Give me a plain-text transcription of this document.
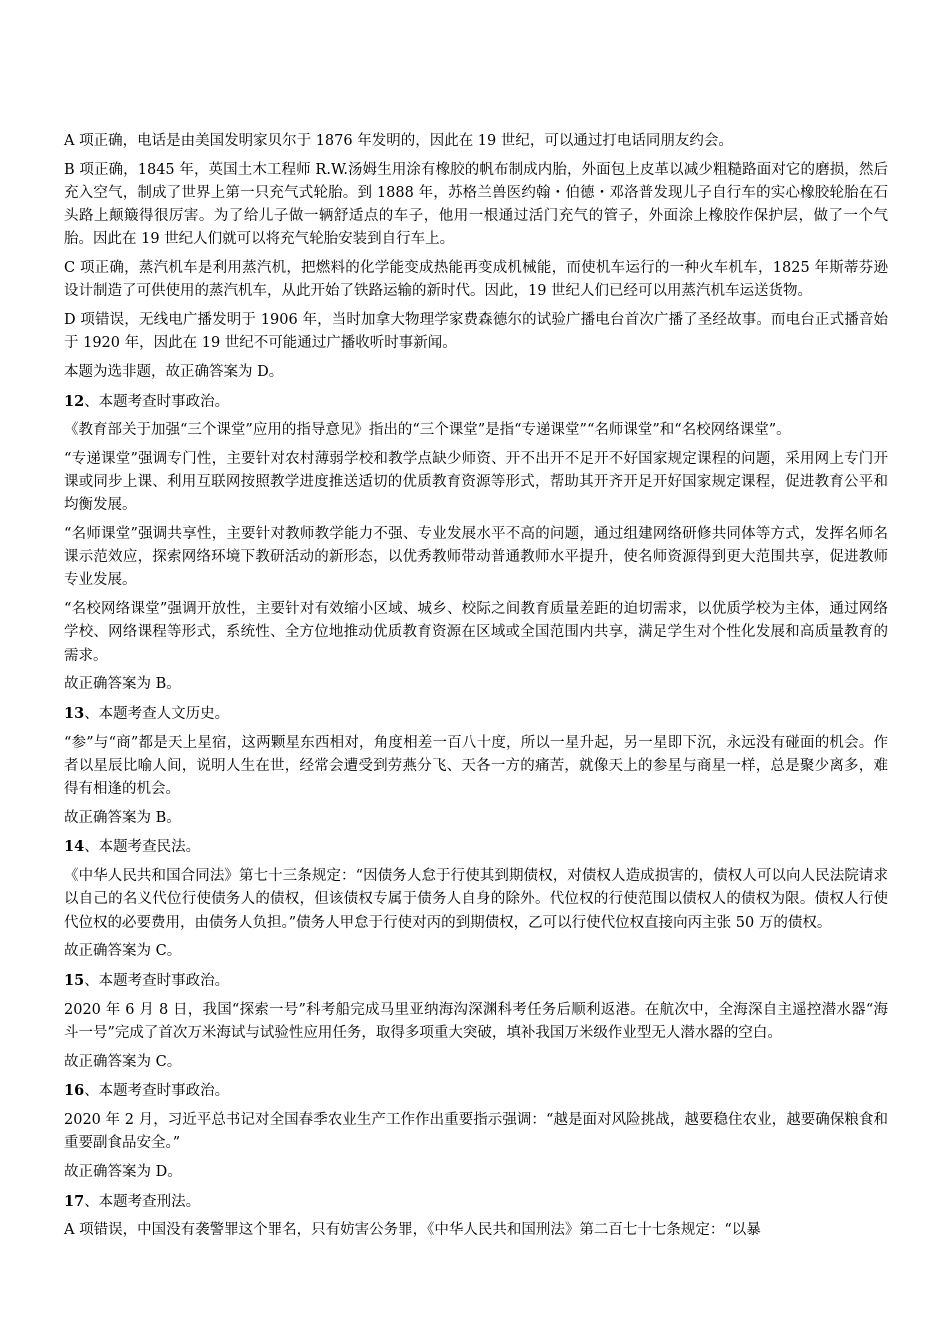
A 项正确，电话是由美国发明家贝尔于 1876 年发明的，因此在 19 世纪，可以通过打电话同朋友约会。

B 项正确，1845 年，英国土木工程师 R.W.汤姆生用涂有橡胶的帆布制成内胎，外面包上皮革以减少粗糙路面对它的磨损，然后充入空气，制成了世界上第一只充气式轮胎。到 1888 年，苏格兰兽医约翰・伯德・邓洛普发现儿子自行车的实心橡胶轮胎在石头路上颠簸得很厉害。为了给儿子做一辆舒适点的车子，他用一根通过活门充气的管子，外面涂上橡胶作保护层，做了一个气胎。因此在 19 世纪人们就可以将充气轮胎安装到自行车上。

C 项正确，蒸汽机车是利用蒸汽机，把燃料的化学能变成热能再变成机械能，而使机车运行的一种火车机车，1825 年斯蒂芬逊设计制造了可供使用的蒸汽机车，从此开始了铁路运输的新时代。因此，19 世纪人们已经可以用蒸汽机车运送货物。

D 项错误，无线电广播发明于 1906 年，当时加拿大物理学家费森德尔的试验广播电台首次广播了圣经故事。而电台正式播音始于 1920 年，因此在 19 世纪不可能通过广播收听时事新闻。

本题为选非题，故正确答案为 D。

12、本题考查时事政治。

《教育部关于加强“三个课堂”应用的指导意见》指出的“三个课堂”是指“专递课堂”“名师课堂”和“名校网络课堂”。

“专递课堂”强调专门性，主要针对农村薄弱学校和教学点缺少师资、开不出开不足开不好国家规定课程的问题，采用网上专门开课或同步上课、利用互联网按照教学进度推送适切的优质教育资源等形式，帮助其开齐开足开好国家规定课程，促进教育公平和均衡发展。

“名师课堂”强调共享性，主要针对教师教学能力不强、专业发展水平不高的问题，通过组建网络研修共同体等方式，发挥名师名课示范效应，探索网络环境下教研活动的新形态，以优秀教师带动普通教师水平提升，使名师资源得到更大范围共享，促进教师专业发展。

“名校网络课堂”强调开放性，主要针对有效缩小区域、城乡、校际之间教育质量差距的迫切需求，以优质学校为主体，通过网络学校、网络课程等形式，系统性、全方位地推动优质教育资源在区域或全国范围内共享，满足学生对个性化发展和高质量教育的需求。

故正确答案为 B。

13、本题考查人文历史。

“参”与“商”都是天上星宿，这两颗星东西相对，角度相差一百八十度，所以一星升起，另一星即下沉，永远没有碰面的机会。作者以星辰比喻人间，说明人生在世，经常会遭受到劳燕分飞、天各一方的痛苦，就像天上的参星与商星一样，总是聚少离多，难得有相逢的机会。

故正确答案为 B。

14、本题考查民法。

《中华人民共和国合同法》第七十三条规定：“因债务人怠于行使其到期债权，对债权人造成损害的，债权人可以向人民法院请求以自己的名义代位行使债务人的债权，但该债权专属于债务人自身的除外。代位权的行使范围以债权人的债权为限。债权人行使代位权的必要费用，由债务人负担。”债务人甲怠于行使对丙的到期债权，乙可以行使代位权直接向丙主张 50 万的债权。

故正确答案为 C。

15、本题考查时事政治。

2020 年 6 月 8 日，我国“探索一号”科考船完成马里亚纳海沟深渊科考任务后顺利返港。在航次中，全海深自主遥控潜水器“海斗一号”完成了首次万米海试与试验性应用任务，取得多项重大突破，填补我国万米级作业型无人潜水器的空白。

故正确答案为 C。

16、本题考查时事政治。

2020 年 2 月，习近平总书记对全国春季农业生产工作作出重要指示强调：“越是面对风险挑战，越要稳住农业，越要确保粮食和重要副食品安全。”

故正确答案为 D。

17、本题考查刑法。

A 项错误，中国没有袭警罪这个罪名，只有妨害公务罪，《中华人民共和国刑法》第二百七十七条规定：“以暴
